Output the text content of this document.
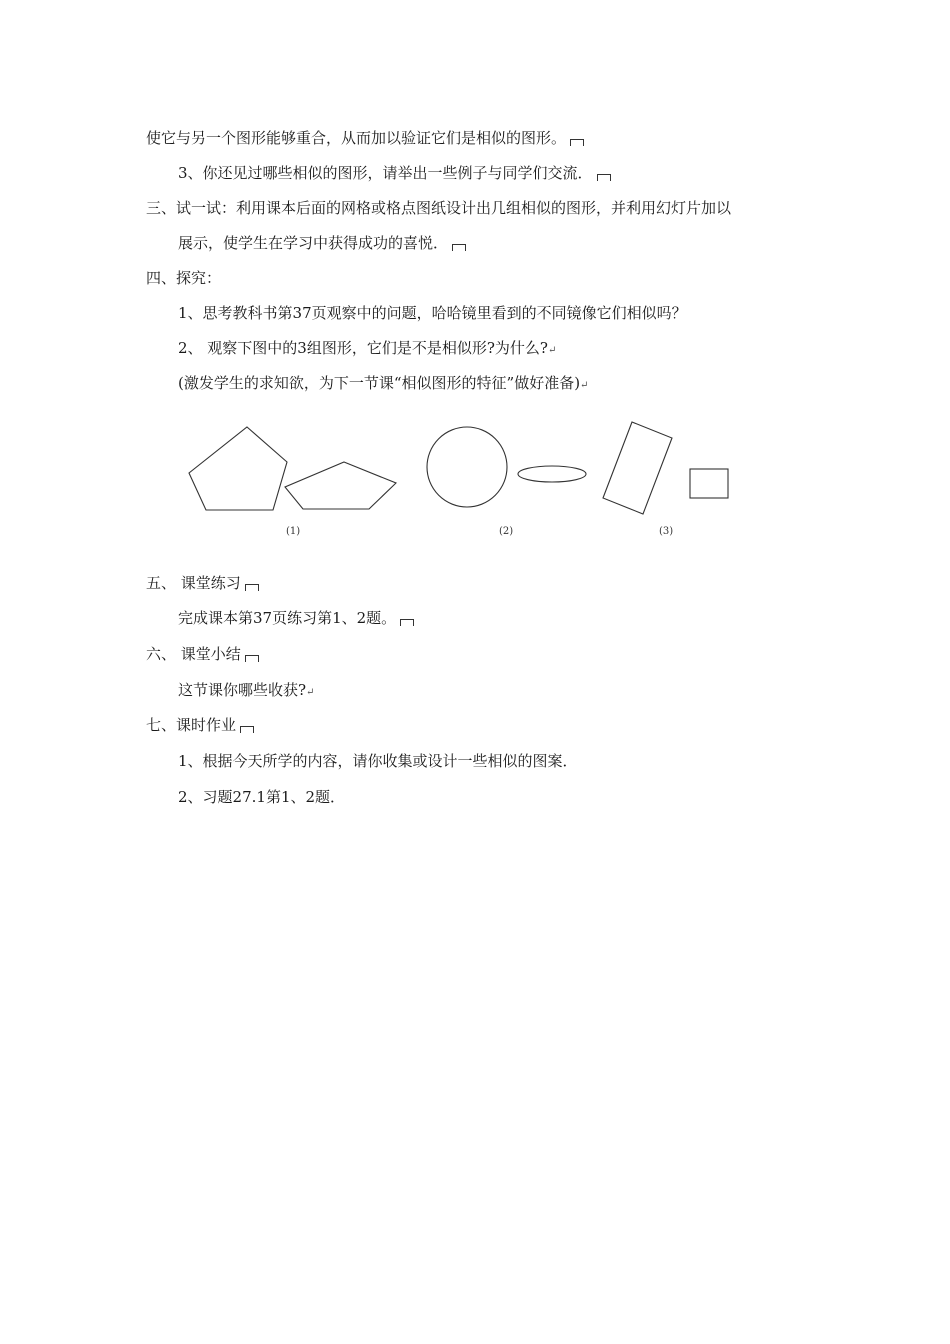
使它与另一个图形能够重合，从而加以验证它们是相似的图形。
3、你还见过哪些相似的图形，请举出一些例子与同学们交流．
三、试一试：利用课本后面的网格或格点图纸设计出几组相似的图形，并利用幻灯片加以
展示，使学生在学习中获得成功的喜悦．
四、探究：
1、思考教科书第37页观察中的问题，哈哈镜里看到的不同镜像它们相似吗？
2、 观察下图中的3组图形，它们是不是相似形?为什么?↵
(激发学生的求知欲，为下一节课“相似图形的特征”做好准备)↵
(1)	(2)	(3)
五、 课堂练习
完成课本第37页练习第1、2题。
六、 课堂小结
这节课你哪些收获?↵
七、课时作业
1、根据今天所学的内容，请你收集或设计一些相似的图案．
2、习题27.1第1、2题．
